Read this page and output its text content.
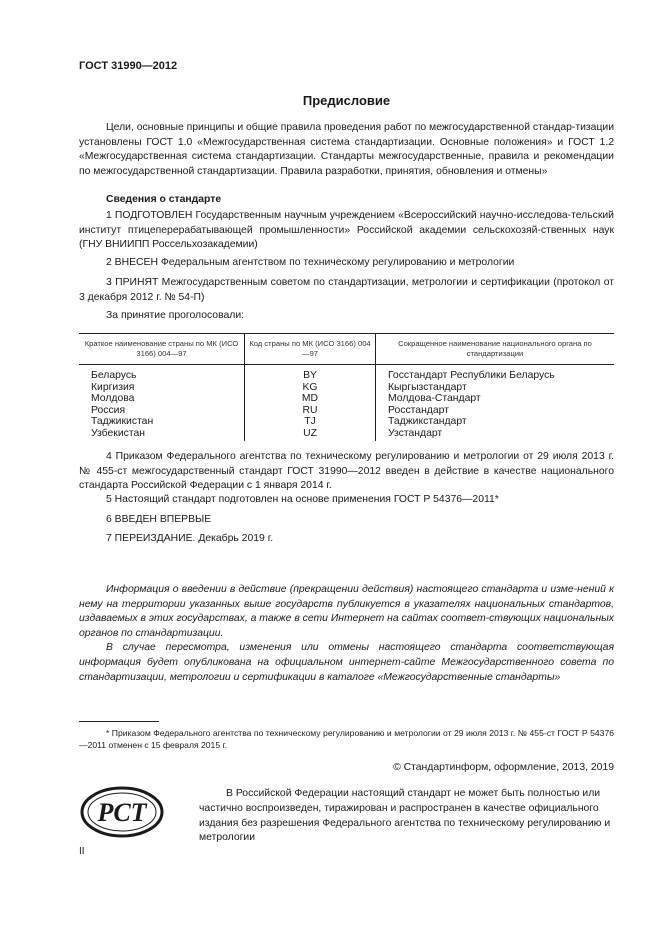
ГОСТ 31990—2012
Предисловие

Цели, основные принципы и общие правила проведения работ по межгосударственной стандар-тизации установлены ГОСТ 1.0 «Межгосударственная система стандартизации. Основные положения» и ГОСТ 1.2 «Межгосударственная система стандартизации. Стандарты межгосударственные, правила и рекомендации по межгосударственной стандартизации. Правила разработки, принятия, обновления и отмены»

Сведения о стандарте

1 ПОДГОТОВЛЕН Государственным научным учреждением «Всероссийский научно-исследова-тельский институт птицеперерабатывающей промышленности» Российской академии сельскохозяй-ственных наук (ГНУ ВНИИПП Россельхозакадемии)

2 ВНЕСЕН Федеральным агентством по техническому регулированию и метрологии

3 ПРИНЯТ Межгосударственным советом по стандартизации, метрологии и сертификации (протокол от 3 декабря 2012 г. № 54-П)

За принятие проголосовали:
Краткое наименование страны по МК (ИСО 3166) 004—97	Код страны по МК (ИСО 3166) 004—97	Сокращенное наименование национального органа по стандартизации
Беларусь	BY	Госстандарт Республики Беларусь
Киргизия	KG	Кыргызстандарт
Молдова	MD	Молдова-Стандарт
Россия	RU	Росстандарт
Таджикистан	TJ	Таджикстандарт
Узбекистан	UZ	Узстандарт

4 Приказом Федерального агентства по техническому регулированию и метрологии от 29 июля 2013 г. № 455-ст межгосударственный стандарт ГОСТ 31990—2012 введен в действие в качестве национального стандарта Российской Федерации с 1 января 2014 г.

5 Настоящий стандарт подготовлен на основе применения ГОСТ Р 54376—2011*

6 ВВЕДЕН ВПЕРВЫЕ

7 ПЕРЕИЗДАНИЕ. Декабрь 2019 г.

Информация о введении в действие (прекращении действия) настоящего стандарта и изме-нений к нему на территории указанных выше государств публикуется в указателях национальных стандартов, издаваемых в этих государствах, а также в сети Интернет на сайтах соответ-ствующих национальных органов по стандартизации.

В случае пересмотра, изменения или отмены настоящего стандарта соответствующая информация будет опубликована на официальном интернет-сайте Межгосударственного совета по стандартизации, метрологии и сертификации в каталоге «Межгосударственные стандарты»

* Приказом Федерального агентства по техническому регулированию и метрологии от 29 июля 2013 г. № 455-ст ГОСТ Р 54376—2011 отменен с 15 февраля 2015 г.
© Стандартинформ, оформление, 2013, 2019
РСТ
В Российской Федерации настоящий стандарт не может быть полностью или частично воспроизведен, тиражирован и распространен в качестве официального издания без разрешения Федерального агентства по техническому регулированию и метрологии
II
